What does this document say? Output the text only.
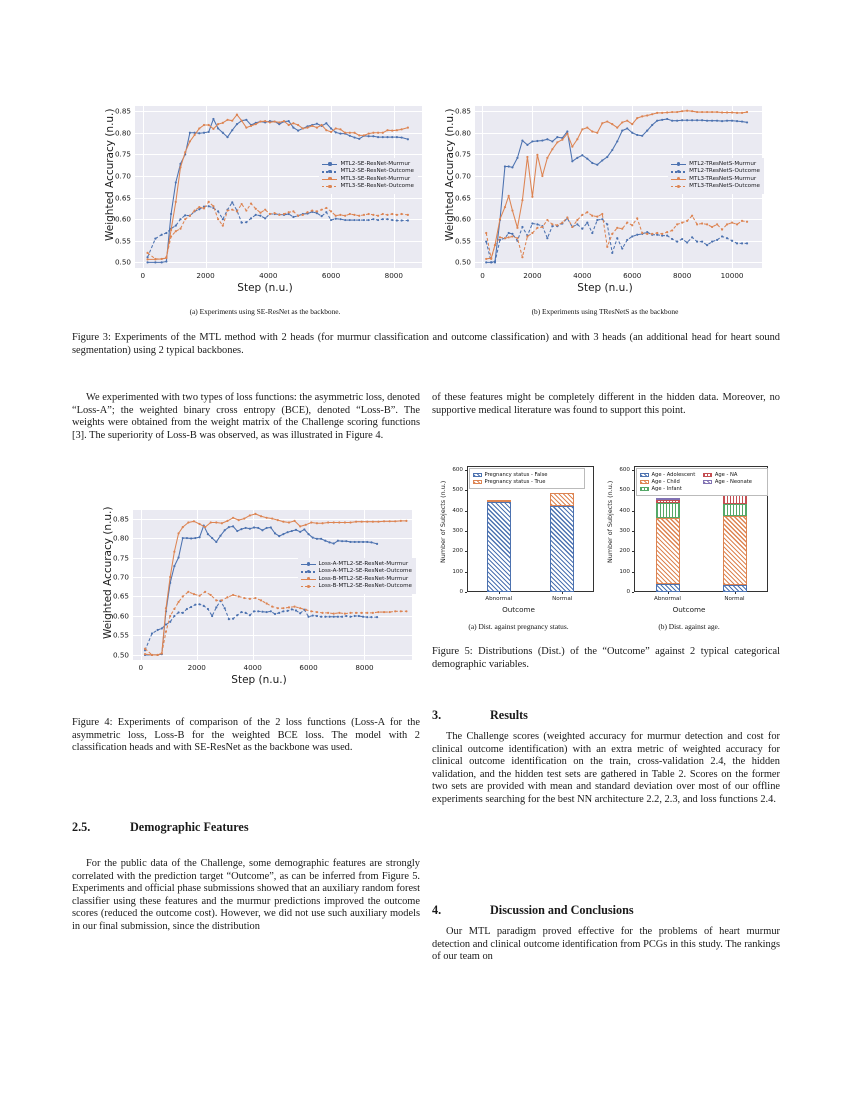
0	2000	4000	6000	8000
0.50
0.55
0.60
0.65
0.70
0.75
0.80
0.85
Step (n.u.)
Weighted Accuracy (n.u.)	MTL2-SE-ResNet-Murmur
MTL2-SE-ResNet-Outcome
MTL3-SE-ResNet-Murmur
MTL3-SE-ResNet-Outcome
0	2000	4000	6000	8000	10000
0.50
0.55
0.60
0.65
0.70
0.75
0.80
0.85
Step (n.u.)
Weighted Accuracy (n.u.)	MTL2-TResNetS-Murmur
MTL2-TResNetS-Outcome
MTL3-TResNetS-Murmur
MTL3-TResNetS-Outcome

(a) Experiments using SE-ResNet as the backbone.	(b) Experiments using TResNetS as the backbone

Figure 3: Experiments of the MTL method with 2 heads (for murmur classification and outcome classification) and with 3 heads (an additional head for heart sound segmentation) using 2 typical backbones.

We experimented with two types of loss functions: the asymmetric loss, denoted “Loss-A”; the weighted binary cross entropy (BCE), denoted “Loss-B”. The weights were obtained from the weight matrix of the Challenge scoring functions [3]. The superiority of Loss-B was observed, as was illustrated in Figure 4.

0	2000	4000	6000	8000
0.50
0.55
0.60
0.65
0.70
0.75
0.80
0.85
Step (n.u.)
Weighted Accuracy (n.u.)	Loss-A-MTL2-SE-ResNet-Murmur
Loss-A-MTL2-SE-ResNet-Outcome
Loss-B-MTL2-SE-ResNet-Murmur
Loss-B-MTL2-SE-ResNet-Outcome

Figure 4: Experiments of comparison of the 2 loss functions (Loss-A for the asymmetric loss, Loss-B for the weighted BCE loss. The model with 2 classification heads and with SE-ResNet as the backbone was used.

2.5.	Demographic Features

For the public data of the Challenge, some demographic features are strongly correlated with the prediction target “Outcome”, as can be inferred from Figure 5. Experiments and official phase submissions showed that an auxiliary random forest classifier using these features and the murmur predictions improved the outcome scores (reduced the outcome cost). However, we did not use such auxiliary models in our final submission, since the distribution

of these features might be completely different in the hidden data. Moreover, no supportive medical literature was found to support this point.

Abnormal	Normal
0
100
200
300
400
500
600
Outcome
Number of Subjects (n.u.)
Pregnancy status - False
Pregnancy status - True
Abnormal	Normal
0
100
200
300
400
500
600
Outcome
Number of Subjects (n.u.)
Age - Adolescent
Age - Child
Age - Infant
Age - NA
Age - Neonate

(a) Dist. against pregnancy status.	(b) Dist. against age.

Figure 5: Distributions (Dist.) of the “Outcome” against 2 typical categorical demographic variables.

3.	Results

The Challenge scores (weighted accuracy for murmur detection and cost for clinical outcome identification) with an extra metric of weighted accuracy for clinical outcome identification on the train, cross-validation 2.4, the hidden validation, and the hidden test sets are gathered in Table 2. Scores on the former two sets are provided with mean and standard deviation over most of our offline experiments searching for the best NN architecture 2.2, 2.3, and loss functions 2.4.

4.	Discussion and Conclusions

Our MTL paradigm proved effective for the problems of heart murmur detection and clinical outcome identification from PCGs in this study. The rankings of our team on
